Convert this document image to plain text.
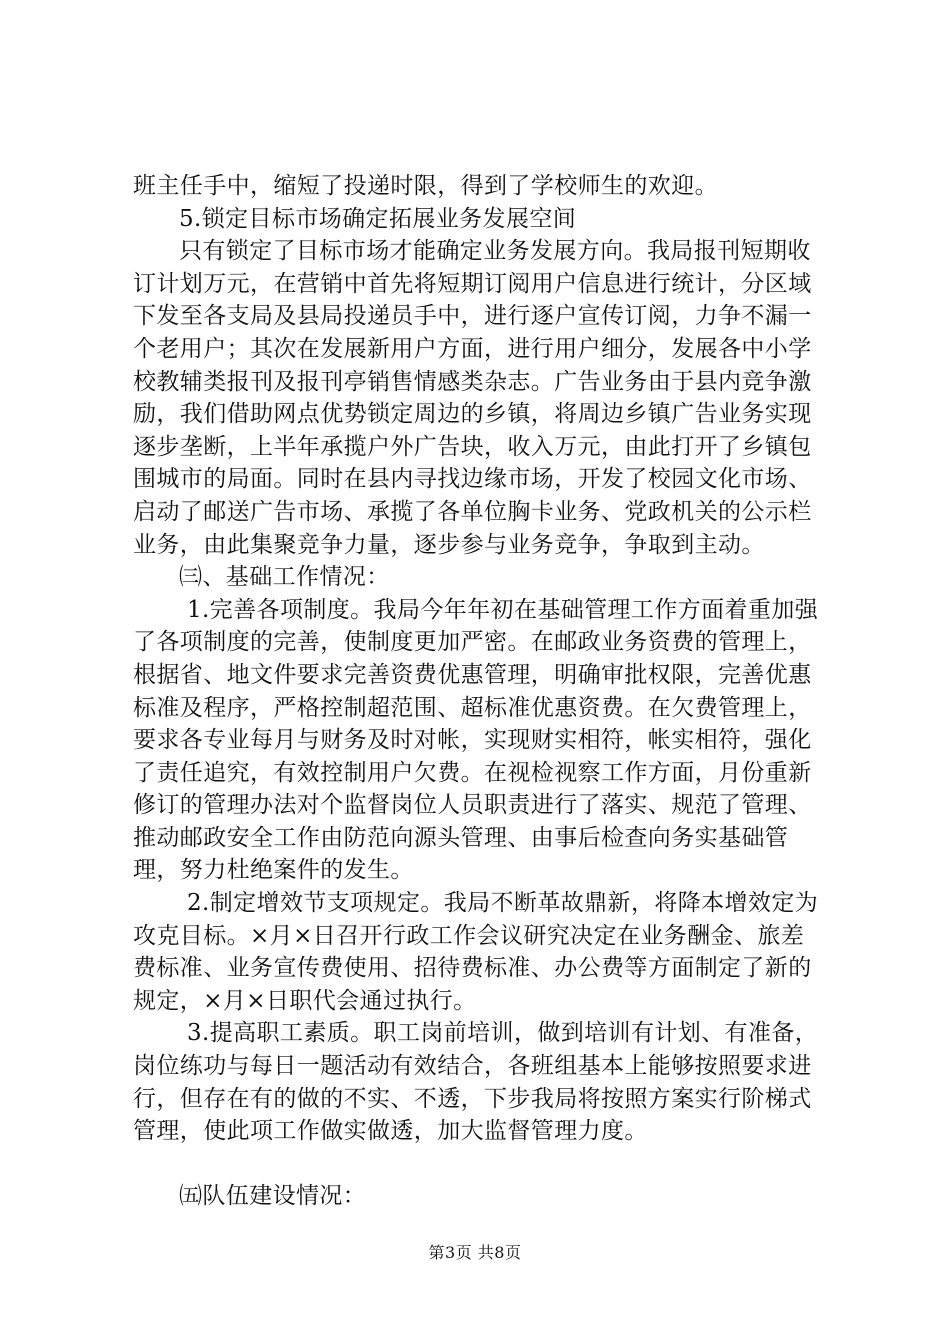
班主任手中，缩短了投递时限，得到了学校师生的欢迎。

5.锁定目标市场确定拓展业务发展空间

只有锁定了目标市场才能确定业务发展方向。我局报刊短期收订计划万元，在营销中首先将短期订阅用户信息进行统计，分区域下发至各支局及县局投递员手中，进行逐户宣传订阅，力争不漏一个老用户；其次在发展新用户方面，进行用户细分，发展各中小学校教辅类报刊及报刊亭销售情感类杂志。广告业务由于县内竞争激励，我们借助网点优势锁定周边的乡镇，将周边乡镇广告业务实现逐步垄断，上半年承揽户外广告块，收入万元，由此打开了乡镇包围城市的局面。同时在县内寻找边缘市场，开发了校园文化市场、启动了邮送广告市场、承揽了各单位胸卡业务、党政机关的公示栏业务，由此集聚竞争力量，逐步参与业务竞争，争取到主动。

㈢、基础工作情况：

1.完善各项制度。我局今年年初在基础管理工作方面着重加强了各项制度的完善，使制度更加严密。在邮政业务资费的管理上，根据省、地文件要求完善资费优惠管理，明确审批权限，完善优惠标准及程序，严格控制超范围、超标准优惠资费。在欠费管理上，要求各专业每月与财务及时对帐，实现财实相符，帐实相符，强化了责任追究，有效控制用户欠费。在视检视察工作方面，月份重新修订的管理办法对个监督岗位人员职责进行了落实、规范了管理、推动邮政安全工作由防范向源头管理、由事后检查向务实基础管理，努力杜绝案件的发生。

2.制定增效节支项规定。我局不断革故鼎新，将降本增效定为攻克目标。×月×日召开行政工作会议研究决定在业务酬金、旅差费标准、业务宣传费使用、招待费标准、办公费等方面制定了新的规定，×月×日职代会通过执行。

3.提高职工素质。职工岗前培训，做到培训有计划、有准备，岗位练功与每日一题活动有效结合，各班组基本上能够按照要求进行，但存在有的做的不实、不透，下步我局将按照方案实行阶梯式管理，使此项工作做实做透，加大监督管理力度。

㈤队伍建设情况：

第3页 共8页
